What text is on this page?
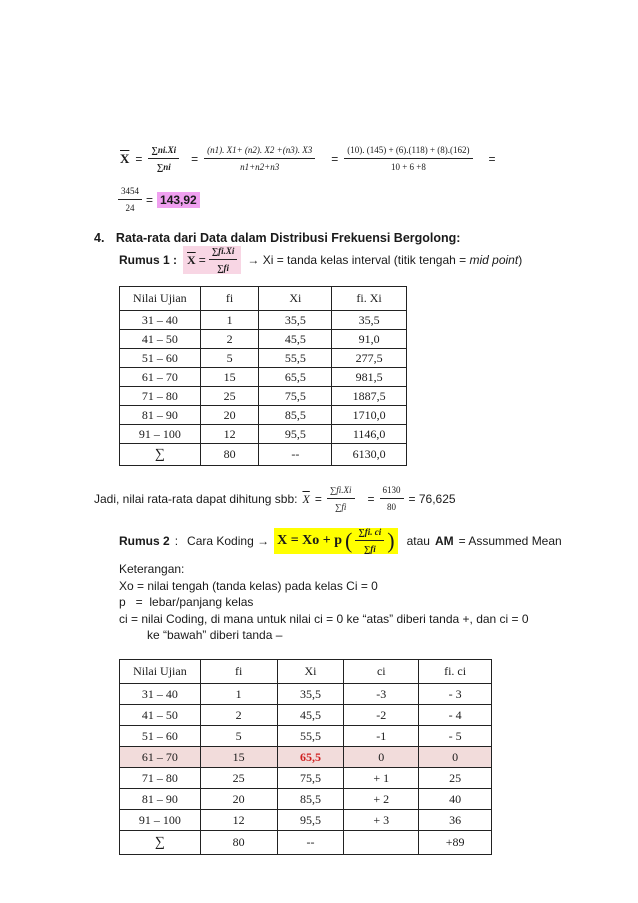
$\overline{X} = \frac{\sum ni.Xi}{\sum ni} = \frac{(n1). X1+ (n2). X2 +(n3). X3}{n1+n2+n3} = \frac{(10). (145) + (6).(118) + (8).(162)}{10 + 6 +8}$ =
$\frac{3454}{24} = 143,92$
4. Rata-rata dari Data dalam Distribusi Frekuensi Bergolong:
Rumus 1 : $\overline{X} = \frac{\sum fi.Xi}{\sum fi} \to Xi$ = tanda kelas interval (titik tengah = mid point)
Nilai Ujian	fi	Xi	fi. Xi
31 – 40	1	35,5	35,5
41 – 50	2	45,5	91,0
51 – 60	5	55,5	277,5
61 – 70	15	65,5	981,5
71 – 80	25	75,5	1887,5
81 – 90	20	85,5	1710,0
91 – 100	12	95,5	1146,0
∑	80	--	6130,0
Jadi, nilai rata-rata dapat dihitung sbb: $\overline{X} = \frac{\sum fi.Xi}{\sum fi} = \frac{6130}{80} = 76,625$
Rumus 2 : Cara Koding → X = Xo + p ( $\frac{\sum fi. ci}{\sum fi}$ ) atau AM = Assummed Mean
Keterangan:
Xo = nilai tengah (tanda kelas) pada kelas Ci = 0
p   =  lebar/panjang kelas
ci = nilai Coding, di mana untuk nilai ci = 0 ke “atas” diberi tanda +, dan ci = 0
ke “bawah” diberi tanda –
Nilai Ujian	fi	Xi	ci	fi. ci
31 – 40	1	35,5	-3	- 3
41 – 50	2	45,5	-2	- 4
51 – 60	5	55,5	-1	- 5
61 – 70	15	65,5	0	0
71 – 80	25	75,5	+ 1	25
81 – 90	20	85,5	+ 2	40
91 – 100	12	95,5	+ 3	36
∑	80	--		+89
